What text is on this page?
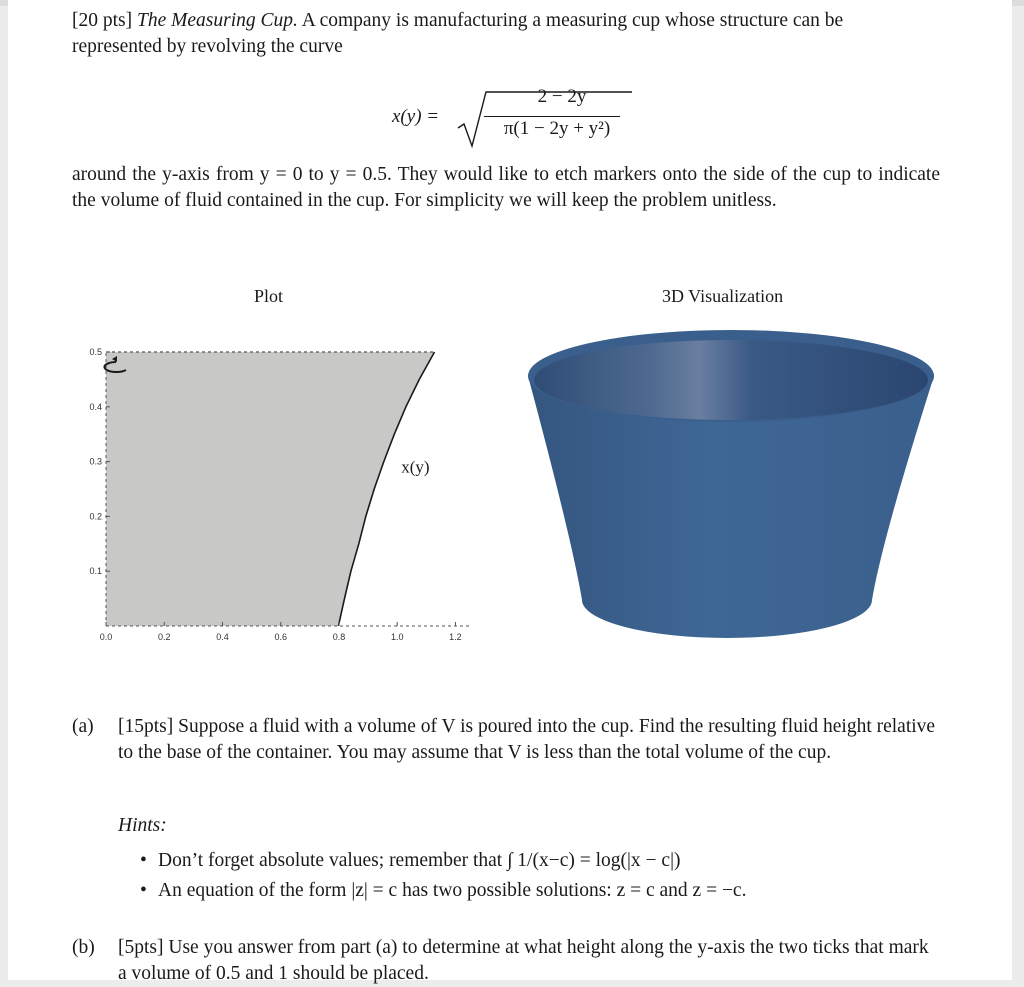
[20 pts] The Measuring Cup. A company is manufacturing a measuring cup whose structure can be represented by revolving the curve
x(y) =
2 − 2y
π(1 − 2y + y²)
around the y-axis from y = 0 to y = 0.5. They would like to etch markers onto the side of the cup to indicate the volume of fluid contained in the cup. For simplicity we will keep the problem unitless.
Plot	3D Visualization
0.0	0.2	0.4	0.6	0.8	1.0	1.2
0.1
0.2
0.3
0.4
0.5
x(y)
(a) [15pts] Suppose a fluid with a volume of V is poured into the cup. Find the resulting fluid height relative to the base of the container. You may assume that V is less than the total volume of the cup.
Hints:
• Don’t forget absolute values; remember that ∫ 1/(x−c) = log(|x − c|)
• An equation of the form |z| = c has two possible solutions: z = c and z = −c.
(b) [5pts] Use you answer from part (a) to determine at what height along the y-axis the two ticks that mark a volume of 0.5 and 1 should be placed.
